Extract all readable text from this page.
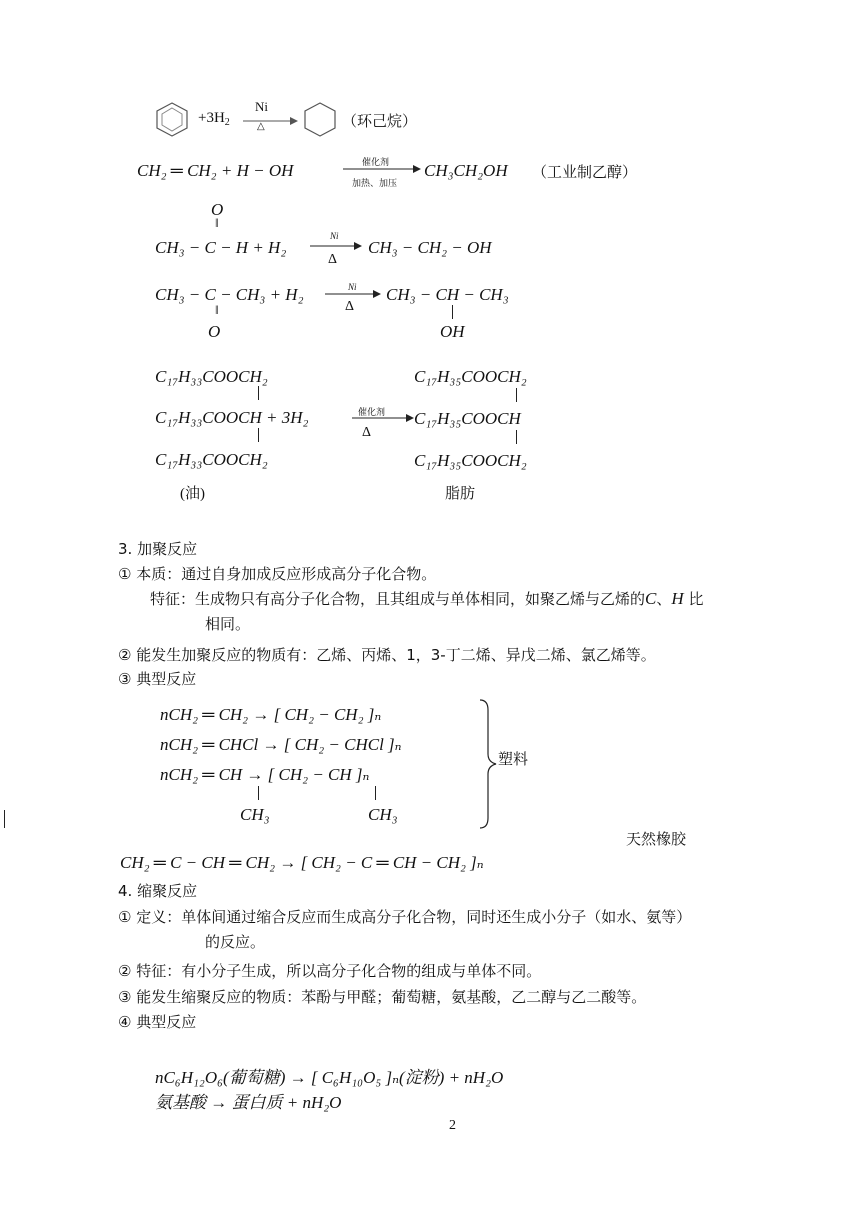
$+3H_2$
Ni
△	（环己烷）
CH₂ ═ CH₂ + H − OH	催化剂
加热、加压
CH₃CH₂OH （工业制乙醇）
O
‖
CH₃ − C − H + H₂
Ni
Δ
CH₃ − CH₂ − OH
CH₃ − C − CH₃ + H₂
‖
O
Ni
Δ
CH₃ − CH − CH₃
OH
C₁₇H₃₃COOCH₂
C₁₇H₃₃COOCH + 3H₂
C₁₇H₃₃COOCH₂
催化剂
Δ
C₁₇H₃₅COOCH₂
C₁₇H₃₅COOCH
C₁₇H₃₅COOCH₂
(油)	脂肪
3. 加聚反应
① 本质：通过自身加成反应形成高分子化合物。
特征：生成物只有高分子化合物，且其组成与单体相同，如聚乙烯与乙烯的C、H 比
相同。
② 能发生加聚反应的物质有：乙烯、丙烯、1，3-丁二烯、异戊二烯、氯乙烯等。
③ 典型反应
nCH₂ ═ CH₂ → [ CH₂ − CH₂ ]ₙ
nCH₂ ═ CHCl → [ CH₂ − CHCl ]ₙ
nCH₂ ═ CH → [ CH₂ − CH ]ₙ
CH₃	CH₃
塑料
天然橡胶
CH₂ ═ C − CH ═ CH₂ → [ CH₂ − C ═ CH − CH₂ ]ₙ
4. 缩聚反应
① 定义：单体间通过缩合反应而生成高分子化合物，同时还生成小分子（如水、氨等）
的反应。
② 特征：有小分子生成，所以高分子化合物的组成与单体不同。
③ 能发生缩聚反应的物质：苯酚与甲醛；葡萄糖，氨基酸，乙二醇与乙二酸等。
④ 典型反应
nC₆H₁₂O₆(葡萄糖) → [ C₆H₁₀O₅ ]ₙ(淀粉) + nH₂O
氨基酸 → 蛋白质 + nH₂O
2
